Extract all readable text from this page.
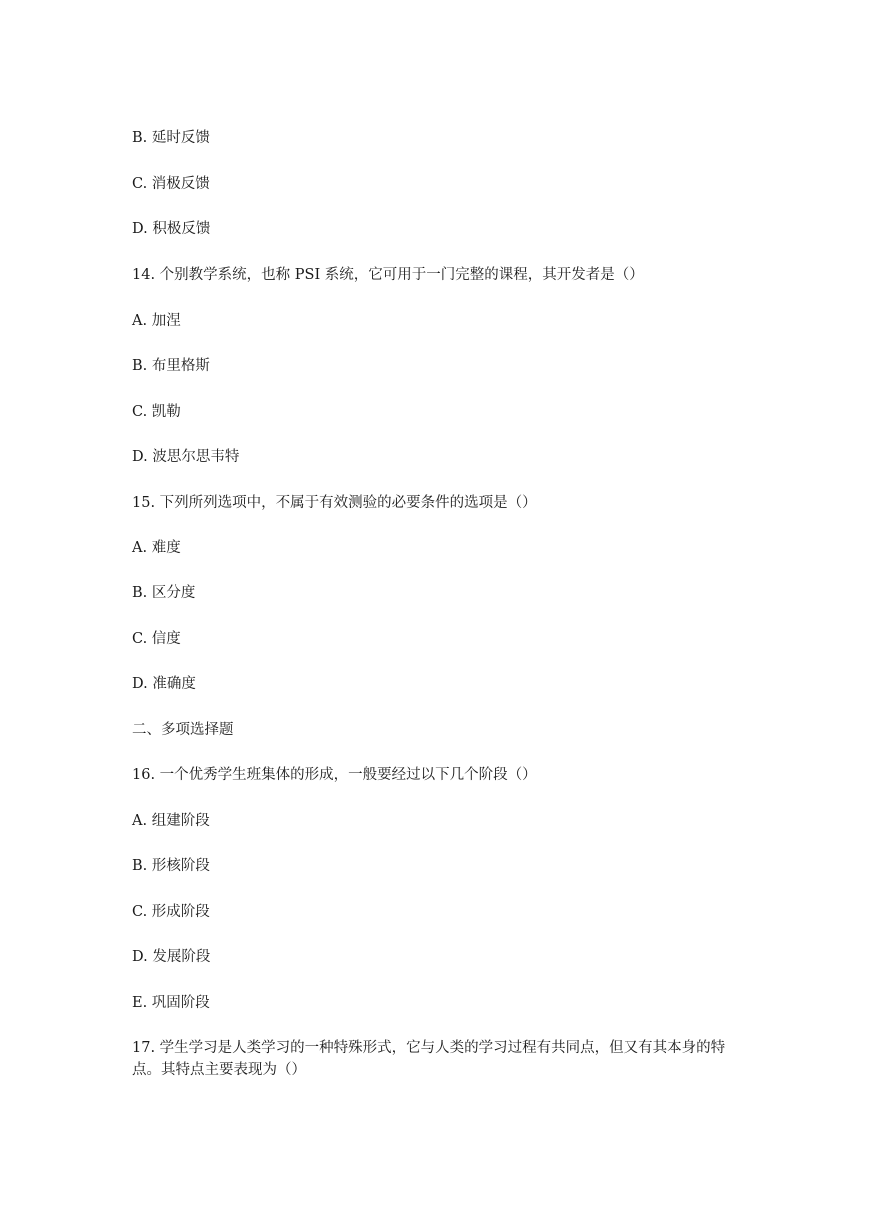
B. 延时反馈
C. 消极反馈
D. 积极反馈
14. 个别教学系统，也称 PSI 系统，它可用于一门完整的课程，其开发者是（）
A. 加涅
B. 布里格斯
C. 凯勒
D. 波思尔思韦特
15. 下列所列选项中，不属于有效测验的必要条件的选项是（）
A. 难度
B. 区分度
C. 信度
D. 准确度
二、多项选择题
16. 一个优秀学生班集体的形成，一般要经过以下几个阶段（）
A. 组建阶段
B. 形核阶段
C. 形成阶段
D. 发展阶段
E. 巩固阶段
17. 学生学习是人类学习的一种特殊形式，它与人类的学习过程有共同点，但又有其本身的特点。其特点主要表现为（）
